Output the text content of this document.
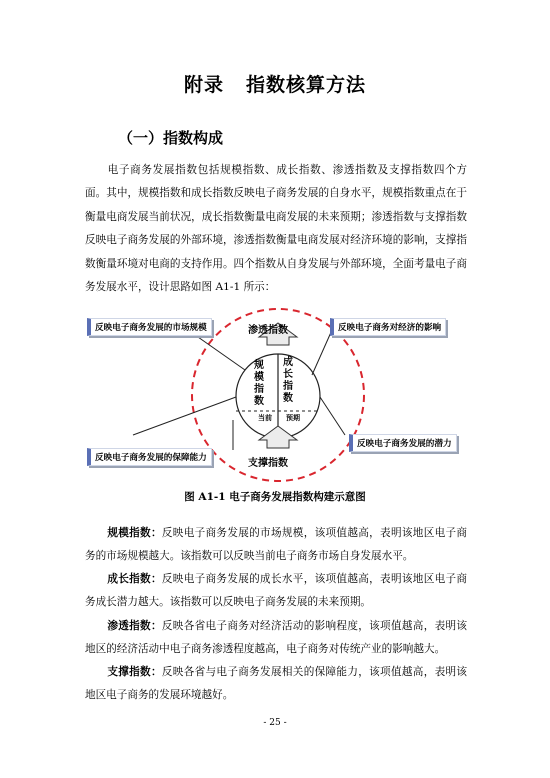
附录 指数核算方法
（一）指数构成
电子商务发展指数包括规模指数、成长指数、渗透指数及支撑指数四个方面。其中，规模指数和成长指数反映电子商务发展的自身水平，规模指数重点在于衡量电商发展当前状况，成长指数衡量电商发展的未来预期；渗透指数与支撑指数反映电子商务发展的外部环境，渗透指数衡量电商发展对经济环境的影响，支撑指数衡量环境对电商的支持作用。四个指数从自身发展与外部环境，全面考量电子商务发展水平，设计思路如图 A1-1 所示：
渗透指数
支撑指数
规模指数
成长指数
当前 预期
反映电子商务发展的市场规模	反映电子商务对经济的影响
反映电子商务发展的保障能力
反映电子商务发展的潜力
图 A1-1 电子商务发展指数构建示意图
规模指数：反映电子商务发展的市场规模，该项值越高，表明该地区电子商务的市场规模越大。该指数可以反映当前电子商务市场自身发展水平。
成长指数：反映电子商务发展的成长水平，该项值越高，表明该地区电子商务成长潜力越大。该指数可以反映电子商务发展的未来预期。
渗透指数：反映各省电子商务对经济活动的影响程度，该项值越高，表明该地区的经济活动中电子商务渗透程度越高，电子商务对传统产业的影响越大。
支撑指数：反映各省与电子商务发展相关的保障能力，该项值越高，表明该地区电子商务的发展环境越好。
- 25 -
